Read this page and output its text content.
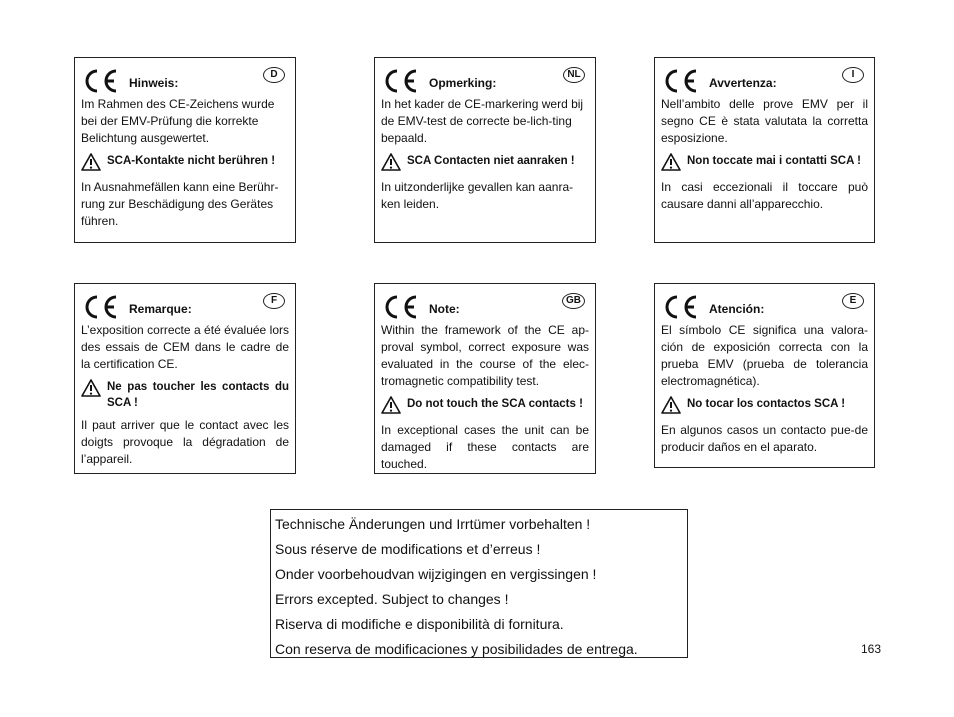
Hinweis:
D

Im Rahmen des CE-Zeichens wurde bei der EMV-Prüfung die korrekte Belichtung ausgewertet.

SCA-Kontakte nicht berühren !

In Ausnahmefällen kann eine Berühr-rung zur Beschädigung des Gerätes führen.

Opmerking:
NL

In het kader de CE-markering werd bij de EMV-test de correcte be-lich-ting bepaald.

SCA Contacten niet aanraken !

In uitzonderlijke gevallen kan aanra-ken leiden.

Avvertenza:
I

Nell’ambito delle prove EMV per il segno CE è stata valutata la corretta esposizione.

Non toccate mai i contatti SCA !

In casi eccezionali il toccare può causare danni all’apparecchio.

Remarque:
F

L’exposition correcte a été évaluée lors des essais de CEM dans le cadre de la certification CE.

Ne pas toucher les contacts du SCA !

Il paut arriver que le contact avec les doigts provoque la dégradation de l’appareil.

Note:
GB

Within the framework of the CE ap-proval symbol, correct exposure was evaluated in the course of the elec-tromagnetic compatibility test.

Do not touch the SCA contacts !

In exceptional cases the unit can be damaged if these contacts are touched.

Atención:
E

El símbolo CE significa una valora-ción de exposición correcta con la prueba EMV (prueba de tolerancia electromagnética).

No tocar los contactos SCA !

En algunos casos un contacto pue-de producir daños en el aparato.

Technische Änderungen und Irrtümer vorbehalten !

Sous réserve de modifications et d’erreus !

Onder voorbehoudvan wijzigingen en vergissingen !

Errors excepted. Subject to changes !

Riserva di modifiche e disponibilità di fornitura.

Con reserva de modificaciones y posibilidades de entrega.	163
